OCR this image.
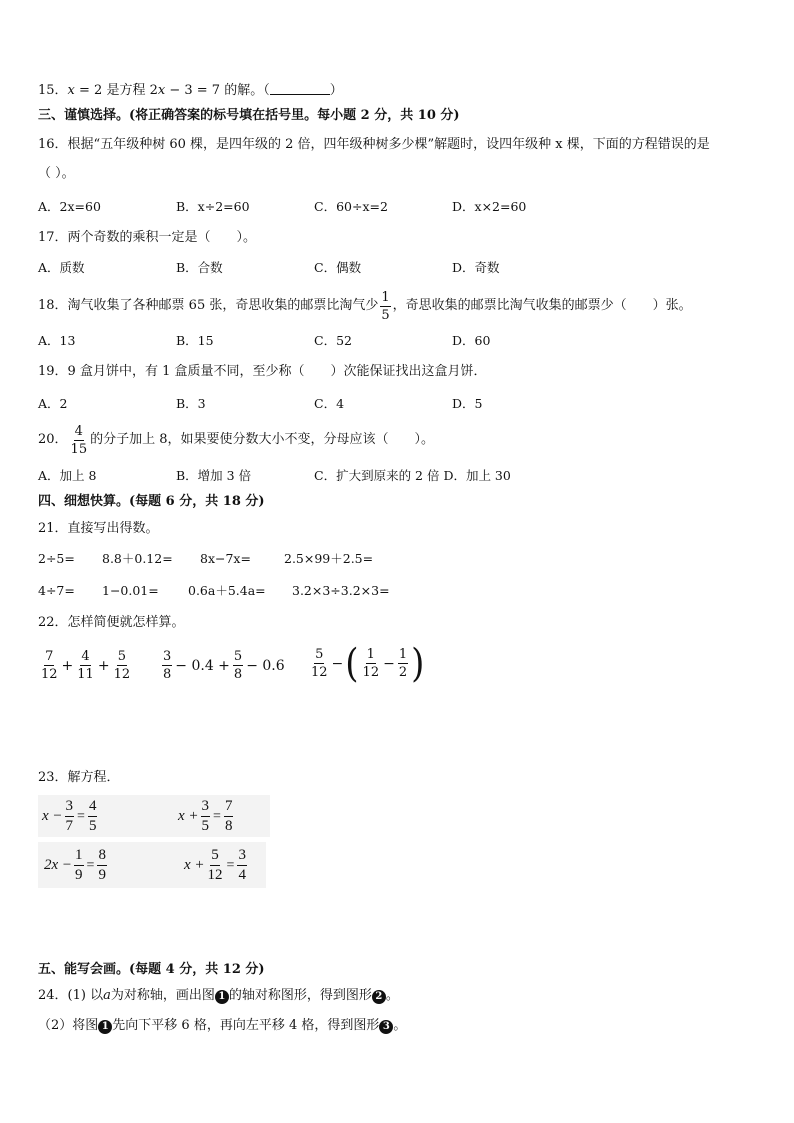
15．x = 2 是方程 2x − 3 = 7 的解。（	）
三、谨慎选择。(将正确答案的标号填在括号里。每小题 2 分，共 10 分)
16．根据“五年级种树 60 棵，是四年级的 2 倍，四年级种树多少棵”解题时，设四年级种 x 棵，下面的方程错误的是
（ ）。
A．2x=60	B．x÷2=60	C．60÷x=2	D．x×2=60
17．两个奇数的乘积一定是（　　）。
A．质数	B．合数	C．偶数	D．奇数
18．淘气收集了各种邮票 65 张，奇思收集的邮票比淘气少 $\frac{1}{5}$ ，奇思收集的邮票比淘气收集的邮票少（　　）张。
A．13	B．15	C．52	D．60
19．9 盒月饼中，有 1 盒质量不同，至少称（　　）次能保证找出这盒月饼．
A．2	B．3	C．4	D．5
20． $\frac{4}{15}$ 的分子加上 8，如果要使分数大小不变，分母应该（　　）。
A．加上 8	B．增加 3 倍	C．扩大到原来的 2 倍 D．加上 30
四、细想快算。(每题 6 分，共 18 分)
21．直接写出得数。
2÷5= 8.8＋0.12= 8x−7x=	2.5×99＋2.5=
4÷7= 1−0.01= 0.6a＋5.4a= 3.2×3÷3.2×3=
22．怎样简便就怎样算。
$\frac{7}{12} + \frac{4}{11} + \frac{5}{12} \frac{3}{8} - 0.4 + \frac{5}{8} - 0.6 \frac{5}{12}$ − ( $\frac{1}{12} - \frac{1}{2}$ )
23．解方程．
$x - \frac{3}{7} = \frac{4}{5}$	$x + \frac{3}{5} = \frac{7}{8}$
$2x - \frac{1}{9} = \frac{8}{9}$	$x + \frac{5}{12} = \frac{3}{4}$
五、能写会画。(每题 4 分，共 12 分)
24．(1) 以a为对称轴，画出图 1 的轴对称图形，得到图形 2 。
（2）将图 1 先向下平移 6 格，再向左平移 4 格，得到图形 3 。
